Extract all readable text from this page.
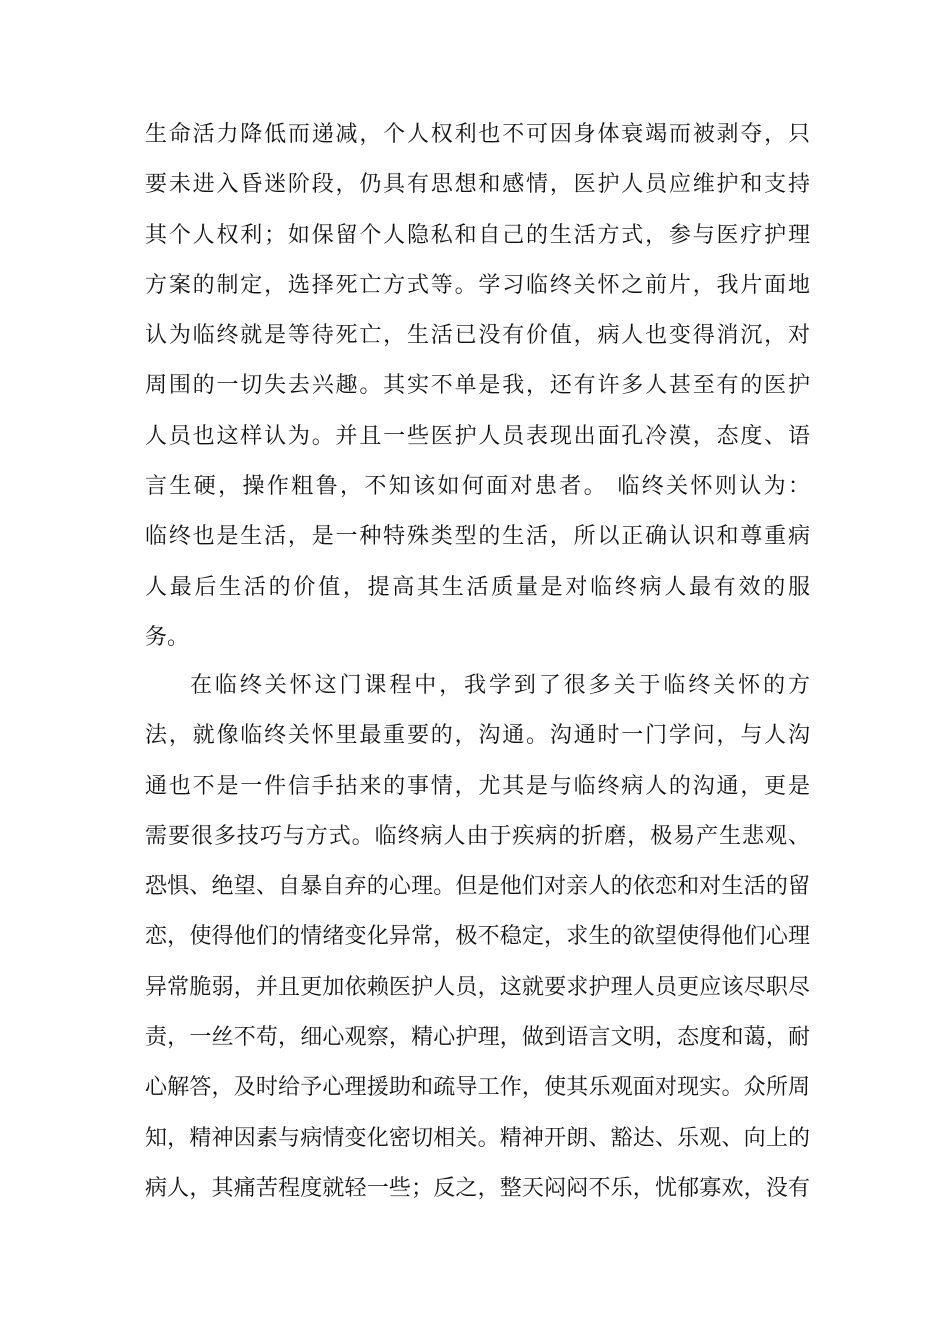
生命活力降低而递减，个人权利也不可因身体衰竭而被剥夺，只
要未进入昏迷阶段，仍具有思想和感情，医护人员应维护和支持
其个人权利；如保留个人隐私和自己的生活方式，参与医疗护理
方案的制定，选择死亡方式等。学习临终关怀之前片，我片面地
认为临终就是等待死亡，生活已没有价值，病人也变得消沉，对
周围的一切失去兴趣。其实不单是我，还有许多人甚至有的医护
人员也这样认为。并且一些医护人员表现出面孔冷漠，态度、语
言生硬，操作粗鲁，不知该如何面对患者。 临终关怀则认为：
临终也是生活，是一种特殊类型的生活，所以正确认识和尊重病
人最后生活的价值，提高其生活质量是对临终病人最有效的服
务。
在临终关怀这门课程中，我学到了很多关于临终关怀的方
法，就像临终关怀里最重要的，沟通。沟通时一门学问，与人沟
通也不是一件信手拈来的事情，尤其是与临终病人的沟通，更是
需要很多技巧与方式。临终病人由于疾病的折磨，极易产生悲观、
恐惧、绝望、自暴自弃的心理。但是他们对亲人的依恋和对生活的留
恋，使得他们的情绪变化异常，极不稳定，求生的欲望使得他们心理
异常脆弱，并且更加依赖医护人员，这就要求护理人员更应该尽职尽
责，一丝不苟，细心观察，精心护理，做到语言文明，态度和蔼，耐
心解答，及时给予心理援助和疏导工作，使其乐观面对现实。众所周
知，精神因素与病情变化密切相关。精神开朗、豁达、乐观、向上的
病人，其痛苦程度就轻一些；反之，整天闷闷不乐，忧郁寡欢，没有
